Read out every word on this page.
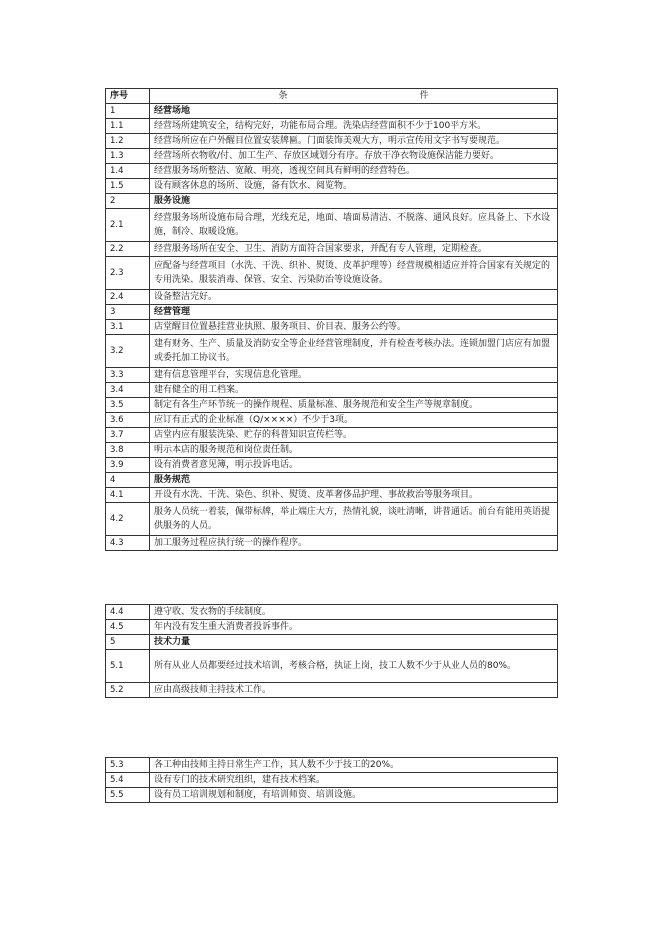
序号	条 件
1	经营场地
1.1	经营场所建筑安全，结构完好，功能布局合理。洗染店经营面积不少于100平方米。
1.2	经营场所应在户外醒目位置安装牌匾。门面装饰美观大方，明示宣传用文字书写要规范。
1.3	经营场所衣物收/付、加工生产、存放区域划分有序。存放干净衣物设施保洁能力要好。
1.4	经营服务场所整洁、宽敞、明亮，透视空间具有鲜明的经营特色。
1.5	设有顾客休息的场所、设施，备有饮水、阅览物。
2	服务设施
2.1	经营服务场所设施布局合理，光线充足，地面、墙面易清洁、不脱落、通风良好。应具备上、下水设施，制冷、取暖设施。
2.2	经营服务场所在安全、卫生、消防方面符合国家要求，并配有专人管理，定期检查。
2.3	应配备与经营项目（水洗、干洗、织补、熨烫、皮革护理等）经营规模相适应并符合国家有关规定的专用洗染、服装消毒、保管、安全、污染防治等设施设备。
2.4	设备整洁完好。
3	经营管理
3.1	店堂醒目位置悬挂营业执照、服务项目、价目表、服务公约等。
3.2	建有财务、生产、质量及消防安全等企业经营管理制度，并有检查考核办法。连锁加盟门店应有加盟或委托加工协议书。
3.3	建有信息管理平台，实现信息化管理。
3.4	建有健全的用工档案。
3.5	制定有各生产环节统一的操作规程、质量标准、服务规范和安全生产等规章制度。
3.6	应订有正式的企业标准（Q/××××）不少于3项。
3.7	店堂内应有服装洗染、贮存的科普知识宣传栏等。
3.8	明示本店的服务规范和岗位责任制。
3.9	设有消费者意见簿，明示投诉电话。
4	服务规范
4.1	开设有水洗、干洗、染色、织补、熨烫、皮革奢侈品护理、事故救治等服务项目。
4.2	服务人员统一着装，佩带标牌，举止端庄大方，热情礼貌，谈吐清晰，讲普通话。前台有能用英语提供服务的人员。
4.3	加工服务过程应执行统一的操作程序。
4.4	遵守收、发衣物的手续制度。
4.5	年内没有发生重大消费者投诉事件。
5	技术力量
5.1	所有从业人员都要经过技术培训，考核合格，执证上岗，技工人数不少于从业人员的80%。
5.2	应由高级技师主持技术工作。
5.3	各工种由技师主持日常生产工作，其人数不少于技工的20%。
5.4	设有专门的技术研究组织，建有技术档案。
5.5	设有员工培训规划和制度，有培训师资、培训设施。
